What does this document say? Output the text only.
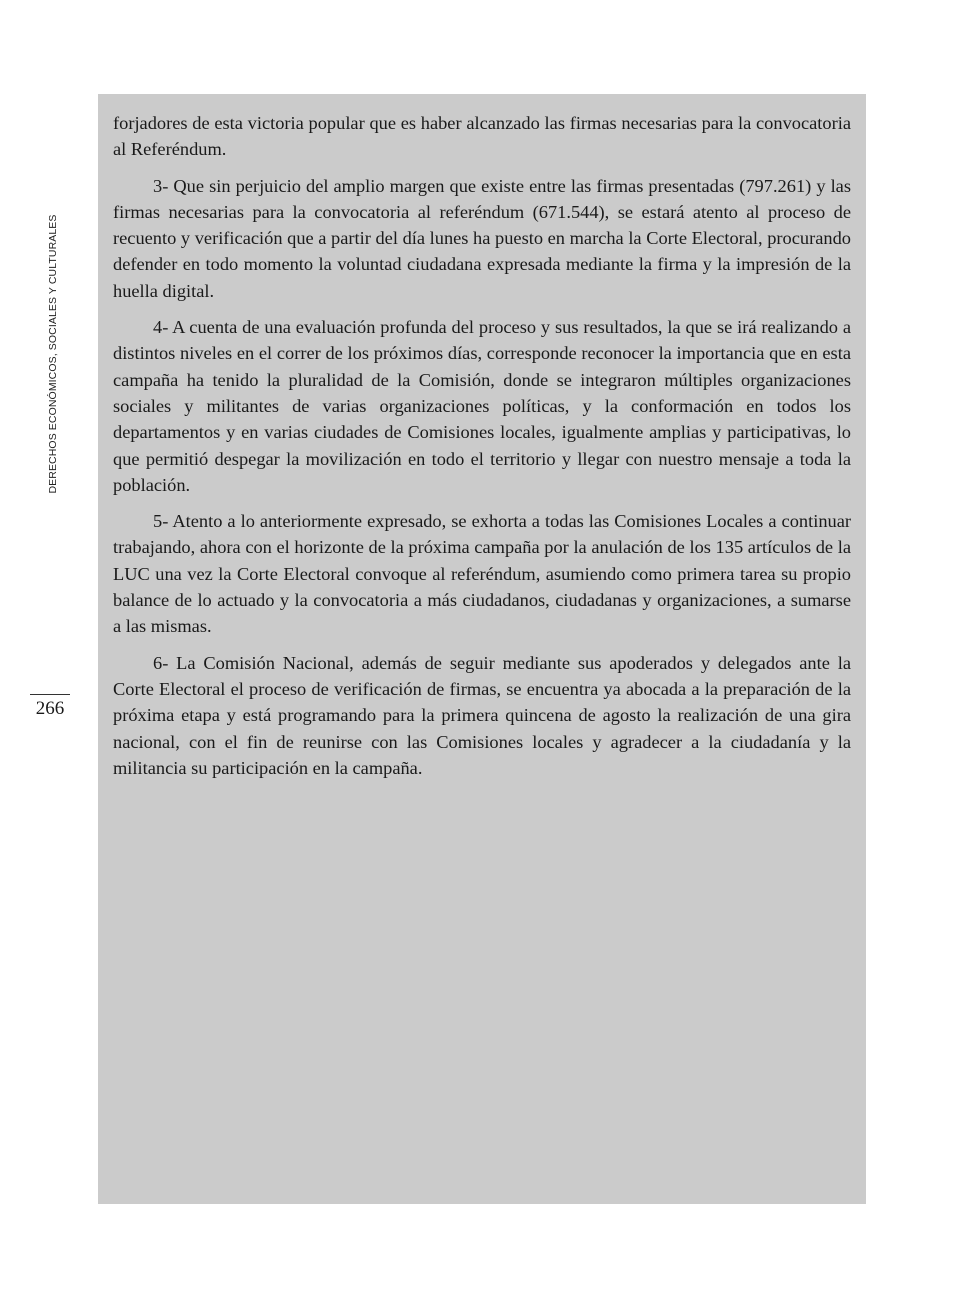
DERECHOS ECONÓMICOS, SOCIALES Y CULTURALES
266

forjadores de esta victoria popular que es haber alcanzado las firmas necesarias para la convocatoria al Referéndum.

3- Que sin perjuicio del amplio margen que existe entre las firmas presentadas (797.261) y las firmas necesarias para la convocatoria al referéndum (671.544), se estará atento al proceso de recuento y verificación que a partir del día lunes ha puesto en marcha la Corte Electoral, procurando defender en todo momento la voluntad ciudadana expresada mediante la firma y la impresión de la huella digital.

4- A cuenta de una evaluación profunda del proceso y sus resultados, la que se irá realizando a distintos niveles en el correr de los próximos días, corresponde reconocer la importancia que en esta campaña ha tenido la pluralidad de la Comisión, donde se integraron múltiples organizaciones sociales y militantes de varias organizaciones políticas, y la conformación en todos los departamentos y en varias ciudades de Comisiones locales, igualmente amplias y participativas, lo que permitió despegar la movilización en todo el territorio y llegar con nuestro mensaje a toda la población.

5- Atento a lo anteriormente expresado, se exhorta a todas las Comisiones Locales a continuar trabajando, ahora con el horizonte de la próxima campaña por la anulación de los 135 artículos de la LUC una vez la Corte Electoral convoque al referéndum, asumiendo como primera tarea su propio balance de lo actuado y la convocatoria a más ciudadanos, ciudadanas y organizaciones, a sumarse a las mismas.

6- La Comisión Nacional, además de seguir mediante sus apoderados y delegados ante la Corte Electoral el proceso de verificación de firmas, se encuentra ya abocada a la preparación de la próxima etapa y está programando para la primera quincena de agosto la realización de una gira nacional, con el fin de reunirse con las Comisiones locales y agradecer a la ciudadanía y la militancia su participación en la campaña.
